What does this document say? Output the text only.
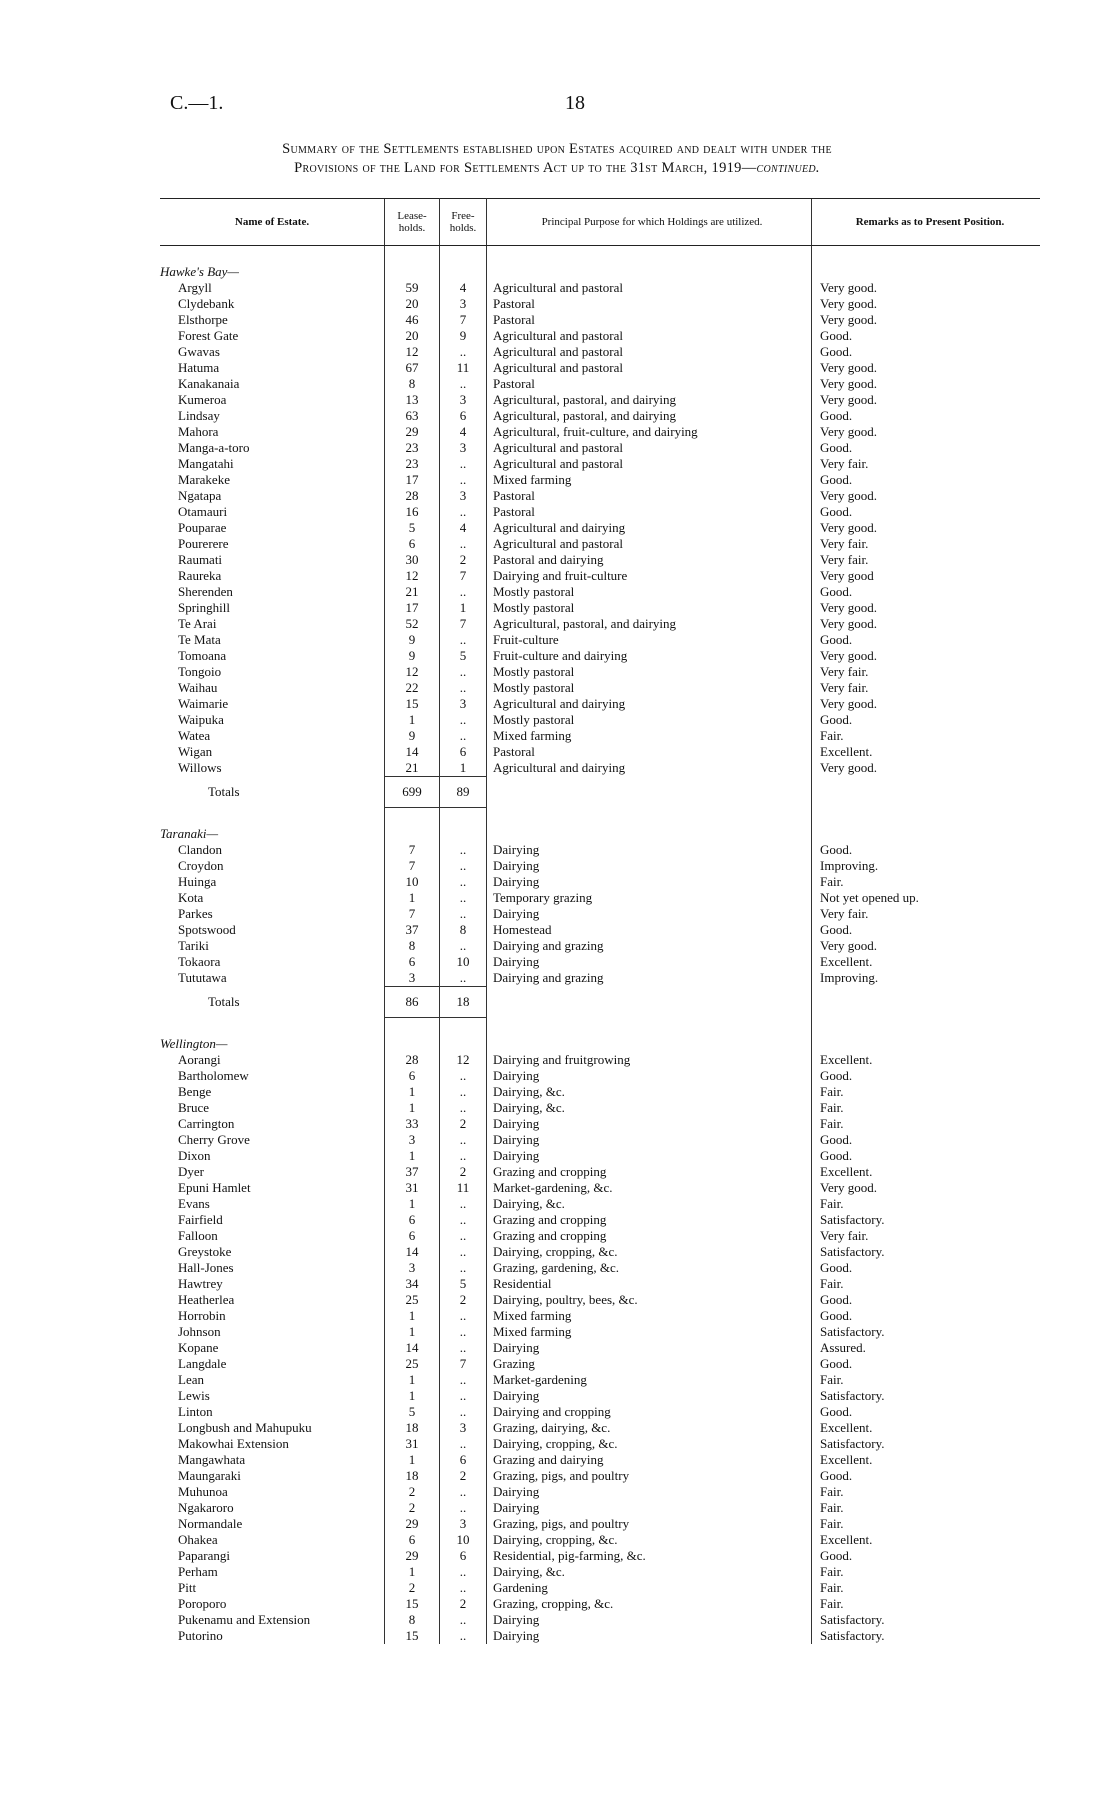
C.—1.	18
Summary of the Settlements established upon Estates acquired and dealt with under the
Provisions of the Land for Settlements Act up to the 31st March, 1919—continued.
Name of Estate.	Lease-holds.	Free-holds.	Principal Purpose for which Holdings are utilized.	Remarks as to Present Position.

Hawke's Bay—				
Argyll	59	4	Agricultural and pastoral	Very good.
Clydebank	20	3	Pastoral	Very good.
Elsthorpe	46	7	Pastoral	Very good.
Forest Gate	20	9	Agricultural and pastoral	Good.
Gwavas	12	..	Agricultural and pastoral	Good.
Hatuma	67	11	Agricultural and pastoral	Very good.
Kanakanaia	8	..	Pastoral	Very good.
Kumeroa	13	3	Agricultural, pastoral, and dairying	Very good.
Lindsay	63	6	Agricultural, pastoral, and dairying	Good.
Mahora	29	4	Agricultural, fruit-culture, and dairying	Very good.
Manga-a-toro	23	3	Agricultural and pastoral	Good.
Mangatahi	23	..	Agricultural and pastoral	Very fair.
Marakeke	17	..	Mixed farming	Good.
Ngatapa	28	3	Pastoral	Very good.
Otamauri	16	..	Pastoral	Good.
Pouparae	5	4	Agricultural and dairying	Very good.
Pourerere	6	..	Agricultural and pastoral	Very fair.
Raumati	30	2	Pastoral and dairying	Very fair.
Raureka	12	7	Dairying and fruit-culture	Very good
Sherenden	21	..	Mostly pastoral	Good.
Springhill	17	1	Mostly pastoral	Very good.
Te Arai	52	7	Agricultural, pastoral, and dairying	Very good.
Te Mata	9	..	Fruit-culture	Good.
Tomoana	9	5	Fruit-culture and dairying	Very good.
Tongoio	12	..	Mostly pastoral	Very fair.
Waihau	22	..	Mostly pastoral	Very fair.
Waimarie	15	3	Agricultural and dairying	Very good.
Waipuka	1	..	Mostly pastoral	Good.
Watea	9	..	Mixed farming	Fair.
Wigan	14	6	Pastoral	Excellent.
Willows	21	1	Agricultural and dairying	Very good.
Totals	699	89		

Taranaki—				
Clandon	7	..	Dairying	Good.
Croydon	7	..	Dairying	Improving.
Huinga	10	..	Dairying	Fair.
Kota	1	..	Temporary grazing	Not yet opened up.
Parkes	7	..	Dairying	Very fair.
Spotswood	37	8	Homestead	Good.
Tariki	8	..	Dairying and grazing	Very good.
Tokaora	6	10	Dairying	Excellent.
Tututawa	3	..	Dairying and grazing	Improving.
Totals	86	18		

Wellington—				
Aorangi	28	12	Dairying and fruitgrowing	Excellent.
Bartholomew	6	..	Dairying	Good.
Benge	1	..	Dairying, &c.	Fair.
Bruce	1	..	Dairying, &c.	Fair.
Carrington	33	2	Dairying	Fair.
Cherry Grove	3	..	Dairying	Good.
Dixon	1	..	Dairying	Good.
Dyer	37	2	Grazing and cropping	Excellent.
Epuni Hamlet	31	11	Market-gardening, &c.	Very good.
Evans	1	..	Dairying, &c.	Fair.
Fairfield	6	..	Grazing and cropping	Satisfactory.
Falloon	6	..	Grazing and cropping	Very fair.
Greystoke	14	..	Dairying, cropping, &c.	Satisfactory.
Hall-Jones	3	..	Grazing, gardening, &c.	Good.
Hawtrey	34	5	Residential	Fair.
Heatherlea	25	2	Dairying, poultry, bees, &c.	Good.
Horrobin	1	..	Mixed farming	Good.
Johnson	1	..	Mixed farming	Satisfactory.
Kopane	14	..	Dairying	Assured.
Langdale	25	7	Grazing	Good.
Lean	1	..	Market-gardening	Fair.
Lewis	1	..	Dairying	Satisfactory.
Linton	5	..	Dairying and cropping	Good.
Longbush and Mahupuku	18	3	Grazing, dairying, &c.	Excellent.
Makowhai Extension	31	..	Dairying, cropping, &c.	Satisfactory.
Mangawhata	1	6	Grazing and dairying	Excellent.
Maungaraki	18	2	Grazing, pigs, and poultry	Good.
Muhunoa	2	..	Dairying	Fair.
Ngakaroro	2	..	Dairying	Fair.
Normandale	29	3	Grazing, pigs, and poultry	Fair.
Ohakea	6	10	Dairying, cropping, &c.	Excellent.
Paparangi	29	6	Residential, pig-farming, &c.	Good.
Perham	1	..	Dairying, &c.	Fair.
Pitt	2	..	Gardening	Fair.
Poroporo	15	2	Grazing, cropping, &c.	Fair.
Pukenamu and Extension	8	..	Dairying	Satisfactory.
Putorino	15	..	Dairying	Satisfactory.
